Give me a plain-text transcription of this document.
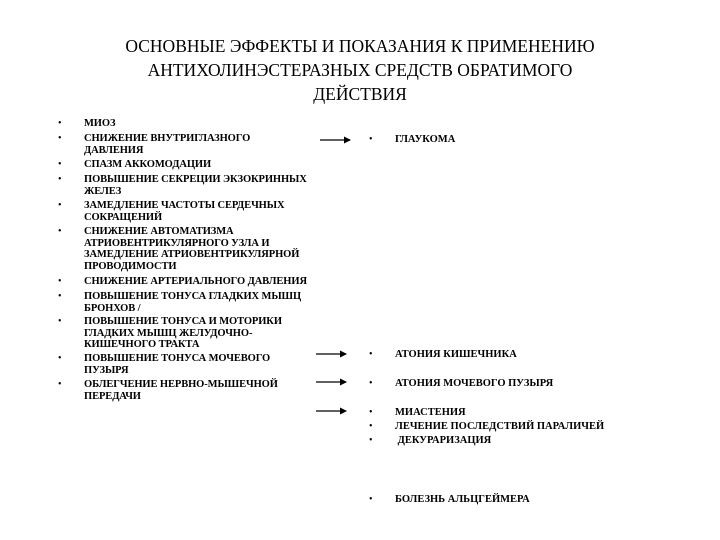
ОСНОВНЫЕ ЭФФЕКТЫ И ПОКАЗАНИЯ К ПРИМЕНЕНИЮ
АНТИХОЛИНЭСТЕРАЗНЫХ СРЕДСТВ ОБРАТИМОГО
ДЕЙСТВИЯ
• МИОЗ
• СНИЖЕНИЕ ВНУТРИГЛАЗНОГО
ДАВЛЕНИЯ
• СПАЗМ АККОМОДАЦИИ
• ПОВЫШЕНИЕ СЕКРЕЦИИ ЭКЗОКРИННЫХ
ЖЕЛЕЗ
• ЗАМЕДЛЕНИЕ ЧАСТОТЫ СЕРДЕЧНЫХ
СОКРАЩЕНИЙ
• СНИЖЕНИЕ АВТОМАТИЗМА
АТРИОВЕНТРИКУЛЯРНОГО УЗЛА И
ЗАМЕДЛЕНИЕ АТРИОВЕНТРИКУЛЯРНОЙ
ПРОВОДИМОСТИ
• СНИЖЕНИЕ АРТЕРИАЛЬНОГО ДАВЛЕНИЯ
• ПОВЫШЕНИЕ ТОНУСА ГЛАДКИХ МЫШЦ
БРОНХОВ /
• ПОВЫШЕНИЕ ТОНУСА И МОТОРИКИ
ГЛАДКИХ МЫШЦ ЖЕЛУДОЧНО-
КИШЕЧНОГО ТРАКТА
• ПОВЫШЕНИЕ ТОНУСА МОЧЕВОГО
ПУЗЫРЯ
• ОБЛЕГЧЕНИЕ НЕРВНО-МЫШЕЧНОЙ
ПЕРЕДАЧИ
• ГЛАУКОМА
• АТОНИЯ КИШЕЧНИКА
• АТОНИЯ МОЧЕВОГО ПУЗЫРЯ
• МИАСТЕНИЯ
• ЛЕЧЕНИЕ ПОСЛЕДСТВИЙ ПАРАЛИЧЕЙ
• ДЕКУРАРИЗАЦИЯ
• БОЛЕЗНЬ АЛЬЦГЕЙМЕРА
